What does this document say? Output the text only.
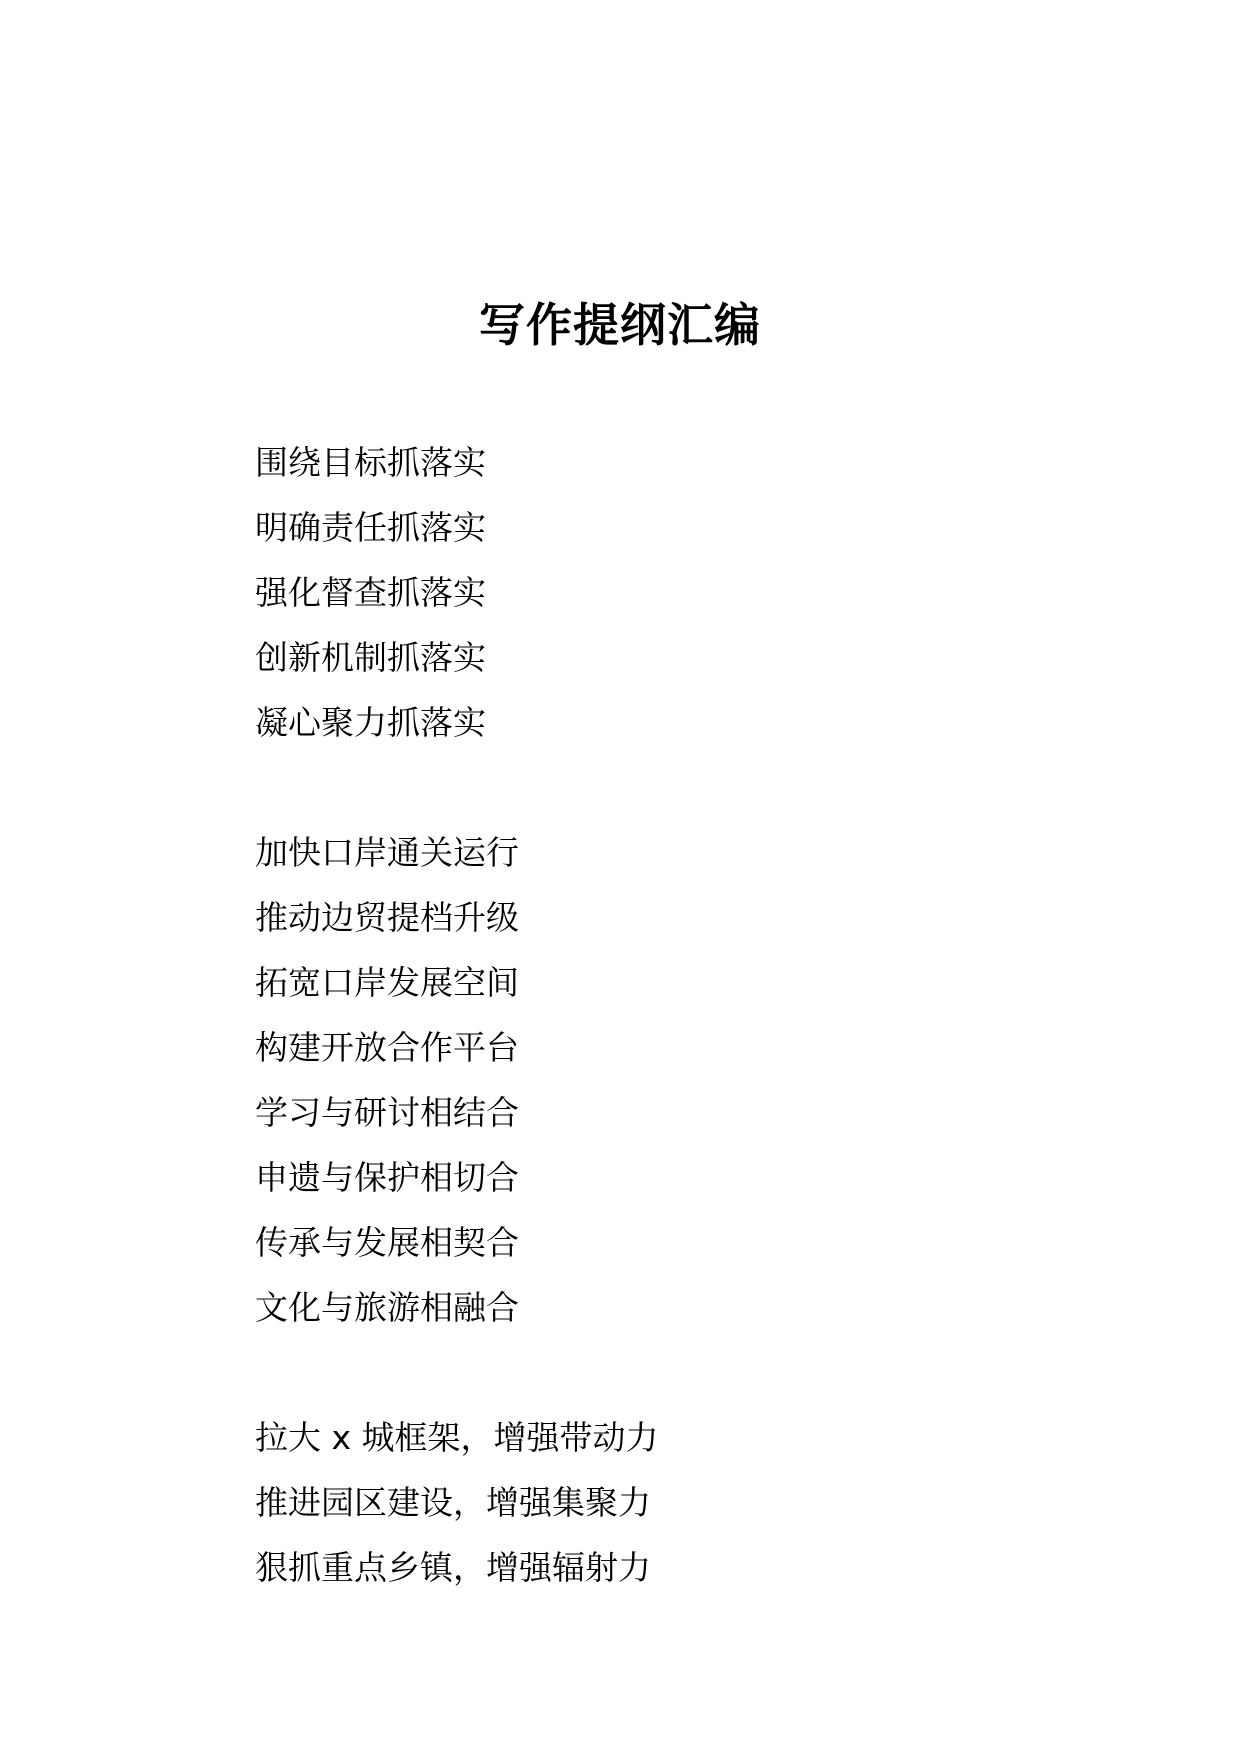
写作提纲汇编
围绕目标抓落实
明确责任抓落实
强化督查抓落实
创新机制抓落实
凝心聚力抓落实
加快口岸通关运行
推动边贸提档升级
拓宽口岸发展空间
构建开放合作平台
学习与研讨相结合
申遗与保护相切合
传承与发展相契合
文化与旅游相融合
拉大 x 城框架，增强带动力
推进园区建设，增强集聚力
狠抓重点乡镇，增强辐射力
